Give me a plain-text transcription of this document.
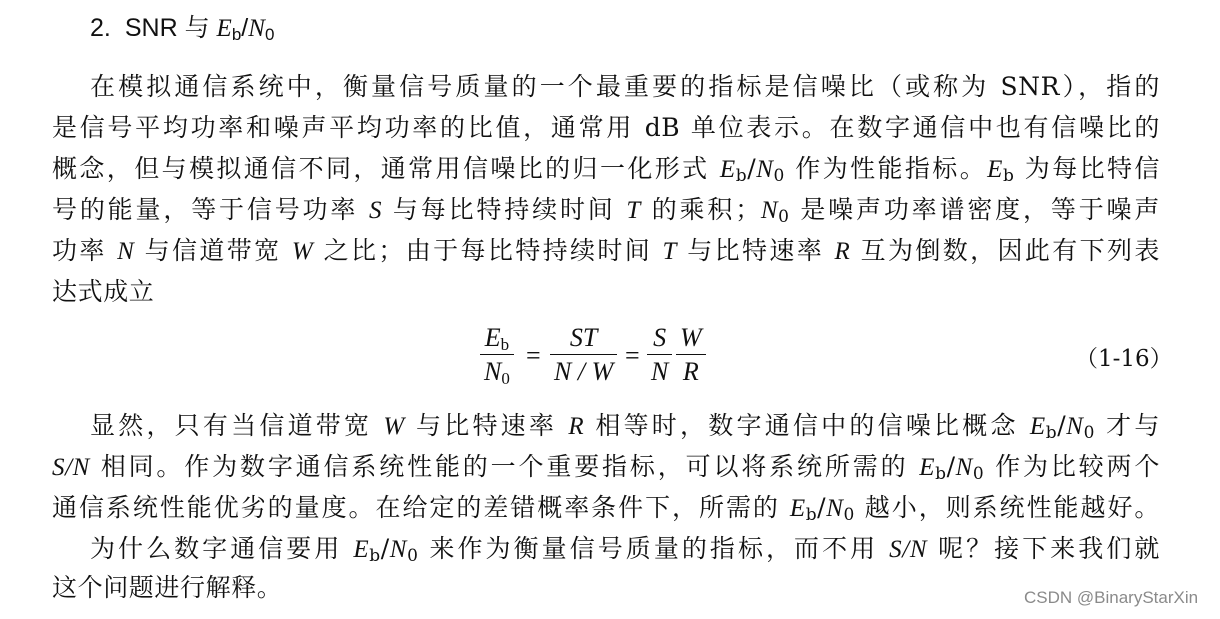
2. SNR 与 $E_b/N_0$
在模拟通信系统中，衡量信号质量的一个最重要的指标是信噪比（或称为 SNR），指的
是信号平均功率和噪声平均功率的比值，通常用 dB 单位表示。在数字通信中也有信噪比的
概念，但与模拟通信不同，通常用信噪比的归一化形式 $E_b/N_0$ 作为性能指标。$E_b$ 为每比特信
号的能量，等于信号功率 S 与每比特持续时间 T 的乘积；$N_0$ 是噪声功率谱密度，等于噪声
功率 N 与信道带宽 W 之比；由于每比特持续时间 T 与比特速率 R 互为倒数，因此有下列表
达式成立
$E_b$
$N_0$
=
ST
N / W
=
S
N
W
R	（1-16）
显然，只有当信道带宽 W 与比特速率 R 相等时，数字通信中的信噪比概念 $E_b/N_0$ 才与
S/N 相同。作为数字通信系统性能的一个重要指标，可以将系统所需的 $E_b/N_0$ 作为比较两个
通信系统性能优劣的量度。在给定的差错概率条件下，所需的 $E_b/N_0$ 越小，则系统性能越好。
为什么数字通信要用 $E_b/N_0$ 来作为衡量信号质量的指标，而不用 S/N 呢？接下来我们就
这个问题进行解释。	CSDN @BinaryStarXin
